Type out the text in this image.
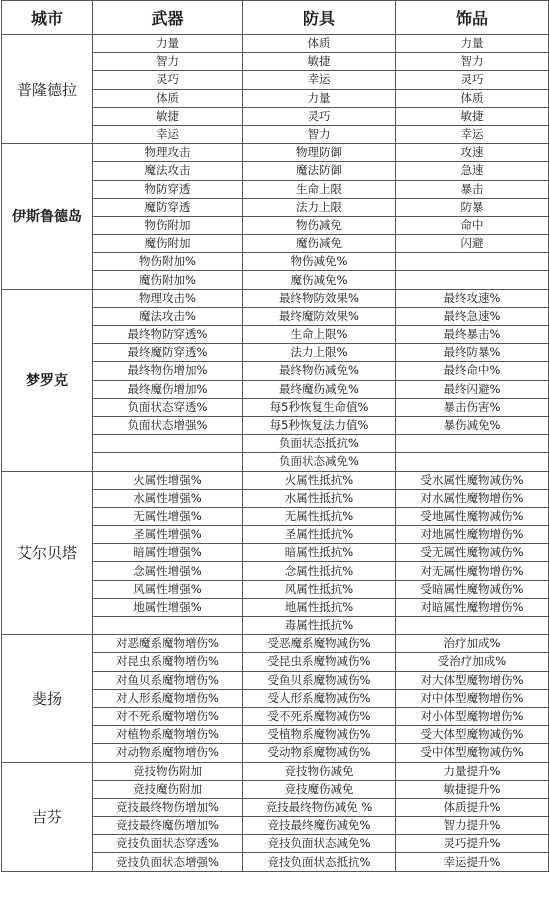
城市	武器	防具	饰品
普隆德拉	力量	体质	力量
	智力	敏捷	智力
	灵巧	幸运	灵巧
	体质	力量	体质
	敏捷	灵巧	敏捷
	幸运	智力	幸运
伊斯鲁德岛	物理攻击	物理防御	攻速
	魔法攻击	魔法防御	急速
	物防穿透	生命上限	暴击
	魔防穿透	法力上限	防暴
	物伤附加	物伤减免	命中
	魔伤附加	魔伤减免	闪避
	物伤附加%	物伤减免%	
	魔伤附加%	魔伤减免%	
梦罗克	物理攻击%	最终物防效果%	最终攻速%
	魔法攻击%	最终魔防效果%	最终急速%
	最终物防穿透%	生命上限%	最终暴击%
	最终魔防穿透%	法力上限%	最终防暴%
	最终物伤增加%	最终物伤减免%	最终命中%
	最终魔伤增加%	最终魔伤减免%	最终闪避%
	负面状态穿透%	每5秒恢复生命值%	暴击伤害%
	负面状态增强%	每5秒恢复法力值%	暴伤减免%
		负面状态抵抗%	
		负面状态减免%	
艾尔贝塔	火属性增强%	火属性抵抗%	受水属性魔物减伤%
	水属性增强%	水属性抵抗%	对水属性魔物增伤%
	无属性增强%	无属性抵抗%	受地属性魔物减伤%
	圣属性增强%	圣属性抵抗%	对地属性魔物增伤%
	暗属性增强%	暗属性抵抗%	受无属性魔物减伤%
	念属性增强%	念属性抵抗%	对无属性魔物增伤%
	风属性增强%	风属性抵抗%	受暗属性魔物减伤%
	地属性增强%	地属性抵抗%	对暗属性魔物增伤%
		毒属性抵抗%	
斐扬	对恶魔系魔物增伤%	受恶魔系魔物减伤%	治疗加成%
	对昆虫系魔物增伤%	受昆虫系魔物减伤%	受治疗加成%
	对鱼贝系魔物增伤%	受鱼贝系魔物减伤%	对大体型魔物增伤%
	对人形系魔物增伤%	受人形系魔物减伤%	对中体型魔物增伤%
	对不死系魔物增伤%	受不死系魔物减伤%	对小体型魔物增伤%
	对植物系魔物增伤%	受植物系魔物减伤%	受大体型魔物减伤%
	对动物系魔物增伤%	受动物系魔物减伤%	受中体型魔物减伤%
吉芬	竞技物伤附加	竞技物伤减免	力量提升%
	竞技魔伤附加	竞技魔伤减免	敏捷提升%
	竞技最终物伤增加%	竞技最终物伤减免 %	体质提升%
	竞技最终魔伤增加%	竞技最终魔伤减免%	智力提升%
	竞技负面状态穿透%	竞技负面状态减免%	灵巧提升%
	竞技负面状态增强%	竞技负面状态抵抗%	幸运提升%
